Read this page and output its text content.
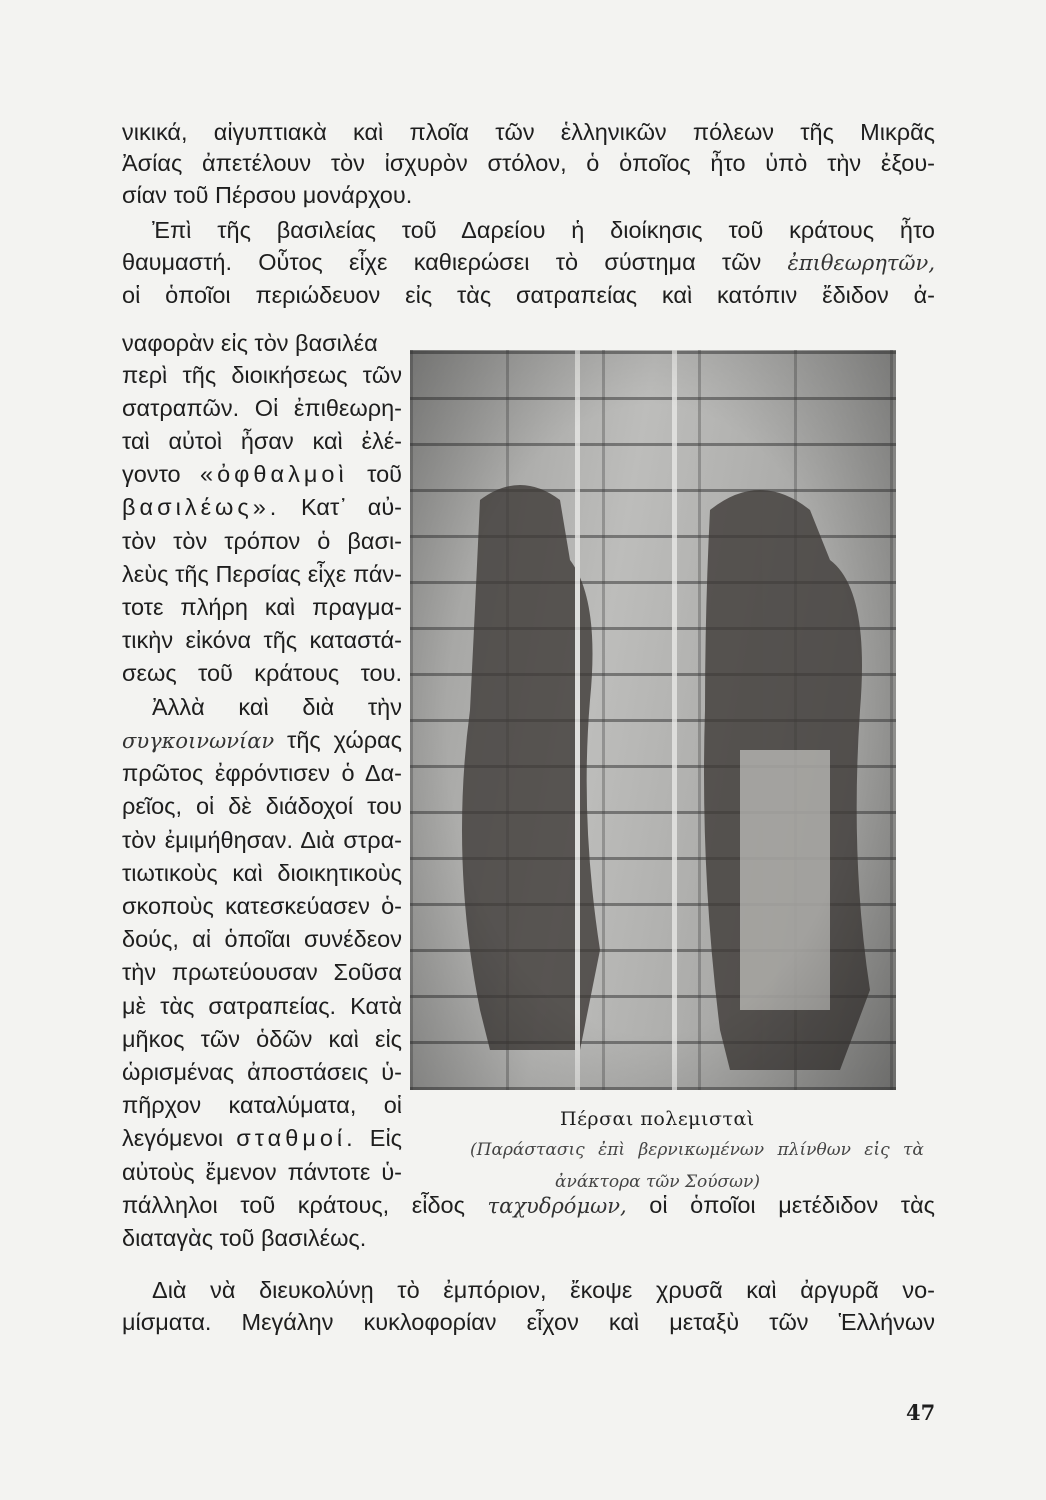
νικικά, αἰγυπτιακὰ καὶ πλοῖα τῶν ἑλληνικῶν πόλεων τῆς Μικρᾶς
Ἀσίας ἀπετέλουν τὸν ἰσχυρὸν στόλον, ὁ ὁποῖος ἦτο ὑπὸ τὴν ἐξου-
σίαν τοῦ Πέρσου μονάρχου.
Ἐπὶ τῆς βασιλείας τοῦ Δαρείου ἡ διοίκησις τοῦ κράτους ἦτο
θαυμαστή. Οὗτος εἶχε καθιερώσει τὸ σύστημα τῶν ἐπιθεωρητῶν,
οἱ ὁποῖοι περιώδευον εἰς τὰς σατραπείας καὶ κατόπιν ἔδιδον ἀ-
ναφορὰν εἰς τὸν βασιλέα
περὶ τῆς διοικήσεως τῶν
σατραπῶν. Οἱ ἐπιθεωρη-
ταὶ αὐτοὶ ἦσαν καὶ ἐλέ-
γοντο «ὀφθαλμοὶ τοῦ
βασιλέως». Κατ᾽ αὐ-
τὸν τὸν τρόπον ὁ βασι-
λεὺς τῆς Περσίας εἶχε πάν-
τοτε πλήρη καὶ πραγμα-
τικὴν εἰκόνα τῆς καταστά-
σεως τοῦ κράτους του.
Ἀλλὰ καὶ διὰ τὴν
συγκοινωνίαν τῆς χώρας
πρῶτος ἐφρόντισεν ὁ Δα-
ρεῖος, οἱ δὲ διάδοχοί του
τὸν ἐμιμήθησαν. Διὰ στρα-
τιωτικοὺς καὶ διοικητικοὺς
σκοποὺς κατεσκεύασεν ὁ-
δούς, αἱ ὁποῖαι συνέδεον
τὴν πρωτεύουσαν Σοῦσα
μὲ τὰς σατραπείας. Κατὰ
μῆκος τῶν ὁδῶν καὶ εἰς
ὡρισμένας ἀποστάσεις ὑ-
πῆρχον καταλύματα, οἱ
λεγόμενοι σταθμοί. Εἰς
αὐτοὺς ἔμενον πάντοτε ὑ-
πάλληλοι τοῦ κράτους, εἶδος ταχυδρόμων, οἱ ὁποῖοι μετέδιδον τὰς
διαταγὰς τοῦ βασιλέως.
Διὰ νὰ διευκολύνῃ τὸ ἐμπόριον, ἔκοψε χρυσᾶ καὶ ἀργυρᾶ νο-
μίσματα. Μεγάλην κυκλοφορίαν εἶχον καὶ μεταξὺ τῶν Ἑλλήνων
Πέρσαι πολεμισταὶ
(Παράστασις ἐπὶ βερνικωμένων πλίνθων εἰς τὰ
ἀνάκτορα τῶν Σούσων)
47
